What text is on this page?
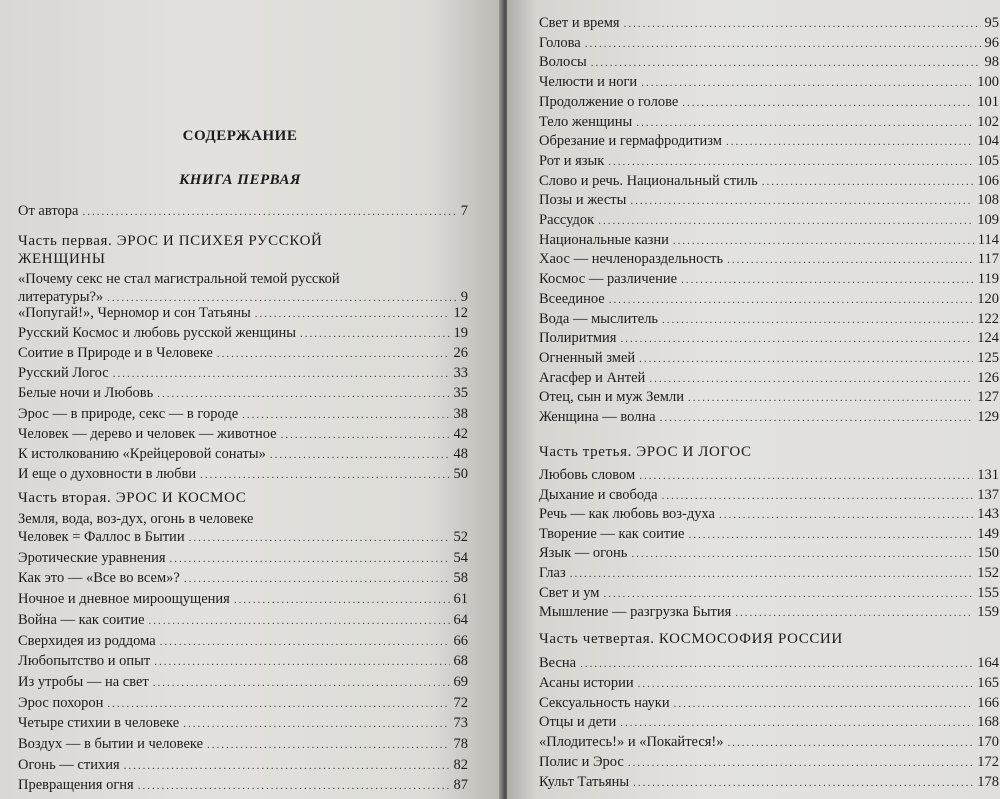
СОДЕРЖАНИЕ
КНИГА ПЕРВАЯ
От автора .....	7
Часть первая. ЭРОС И ПСИХЕЯ РУССКОЙ ЖЕНЩИНЫ
«Почему секс не стал магистральной темой русской
литературы?» .....	9
«Попугай!», Черномор и сон Татьяны .....	12
Русский Космос и любовь русской женщины .....	19
Соитие в Природе и в Человеке .....	26
Русский Логос .....	33
Белые ночи и Любовь .....	35
Эрос — в природе, секс — в городе .....	38
Человек — дерево и человек — животное .....	42
К истолкованию «Крейцеровой сонаты» .....	48
И еще о духовности в любви .....	50
Часть вторая. ЭРОС И КОСМОС
Земля, вода, воз-дух, огонь в человеке
Человек = Фаллос в Бытии .....	52
Эротические уравнения .....	54
Как это — «Все во всем»? .....	58
Ночное и дневное мироощущения .....	61
Война — как соитие .....	64
Сверхидея из роддома .....	66
Любопытство и опыт .....	68
Из утробы — на свет .....	69
Эрос похорон .....	72
Четыре стихии в человеке .....	73
Воздух — в бытии и человеке .....	78
Огонь — стихия .....	82
Превращения огня .....	87
Свет и время .....	95
Голова .....	96
Волосы .....	98
Челюсти и ноги .....	100
Продолжение о голове .....	101
Тело женщины .....	102
Обрезание и гермафродитизм .....	104
Рот и язык .....	105
Слово и речь. Национальный стиль .....	106
Позы и жесты .....	108
Рассудок .....	109
Национальные казни .....	114
Хаос — нечленораздельность .....	117
Космос — различение .....	119
Всеединое .....	120
Вода — мыслитель .....	122
Полиритмия .....	124
Огненный змей .....	125
Агасфер и Антей .....	126
Отец, сын и муж Земли .....	127
Женщина — волна .....	129
Часть третья. ЭРОС И ЛОГОС
Любовь словом .....	131
Дыхание и свобода .....	137
Речь — как любовь воз-духа .....	143
Творение — как соитие .....	149
Язык — огонь .....	150
Глаз .....	152
Свет и ум .....	155
Мышление — разгрузка Бытия .....	159
Часть четвертая. КОСМОСОФИЯ РОССИИ
Весна .....	164
Асаны истории .....	165
Сексуальность науки .....	166
Отцы и дети .....	168
«Плодитесь!» и «Покайтеся!» .....	170
Полис и Эрос .....	172
Культ Татьяны .....	178
